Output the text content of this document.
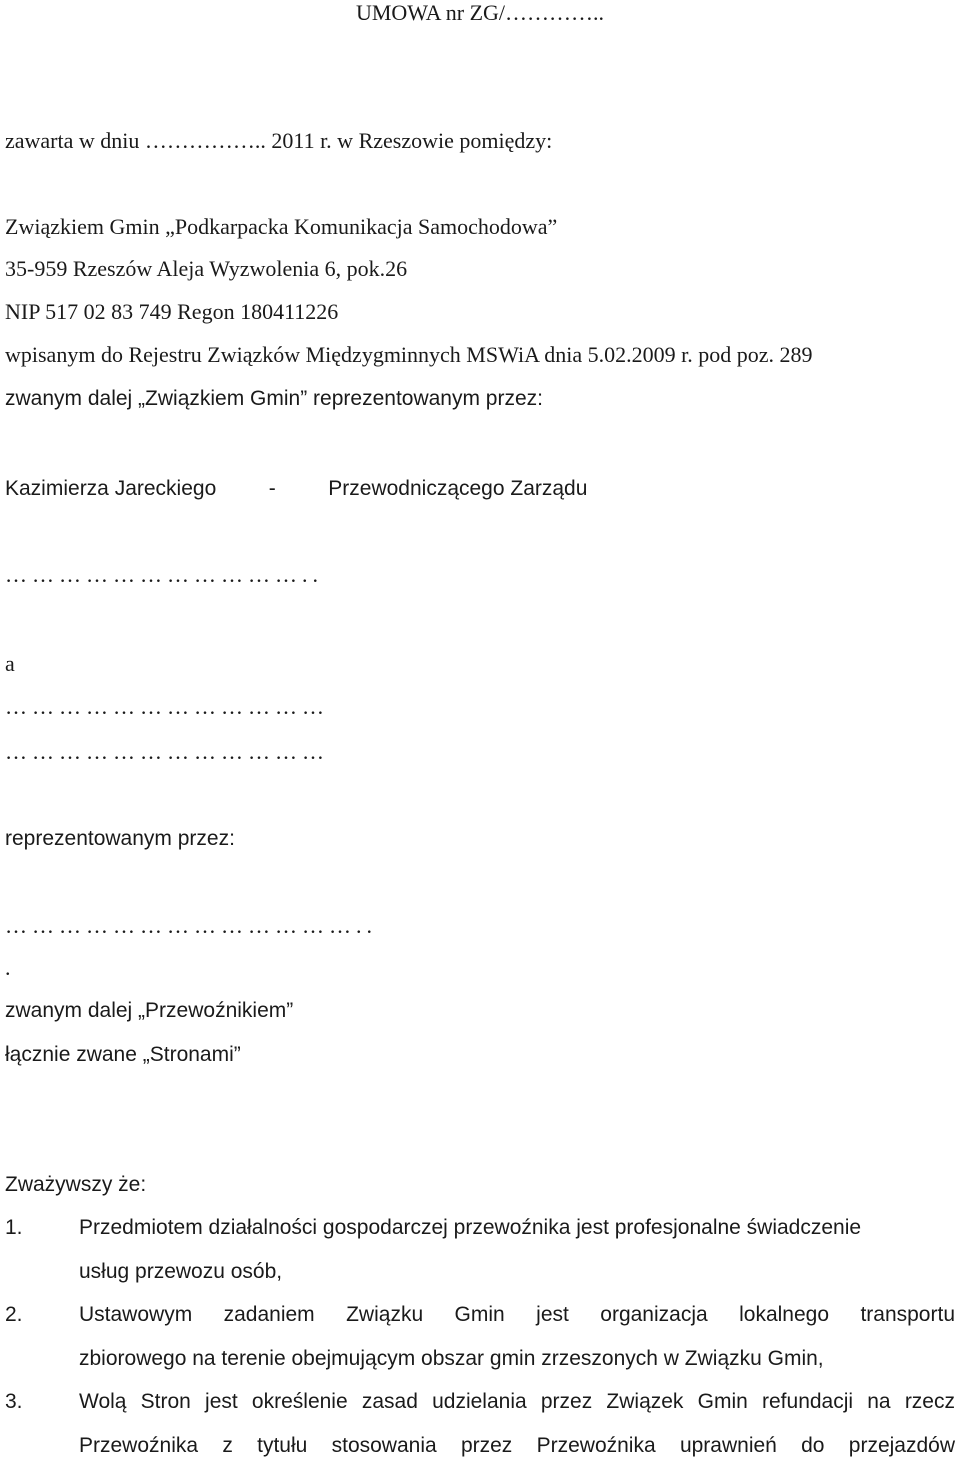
UMOWA nr ZG/…………..
zawarta w dniu …………….. 2011 r. w Rzeszowie pomiędzy:
Związkiem Gmin „Podkarpacka Komunikacja Samochodowa”
35-959 Rzeszów Aleja Wyzwolenia 6, pok.26
NIP 517 02 83 749 Regon 180411226
wpisanym do Rejestru Związków Międzygminnych MSWiA dnia 5.02.2009 r. pod poz. 289
zwanym dalej „Związkiem Gmin” reprezentowanym przez:
Kazimierza Jareckiego         -         Przewodniczącego Zarządu
……………………………..
a
………………………………
………………………………
reprezentowanym przez:
…………………………………..
.
zwanym dalej „Przewoźnikiem”
łącznie zwane „Stronami”
Zważywszy że:
1.	Przedmiotem działalności gospodarczej przewoźnika jest profesjonalne świadczenie
usług przewozu osób,
2.	Ustawowym zadaniem Związku Gmin jest organizacja lokalnego transportu
zbiorowego na terenie obejmującym obszar gmin zrzeszonych w Związku Gmin,
3.	Wolą Stron jest określenie zasad udzielania przez Związek Gmin refundacji na rzecz
Przewoźnika z tytułu stosowania przez Przewoźnika uprawnień do przejazdów
